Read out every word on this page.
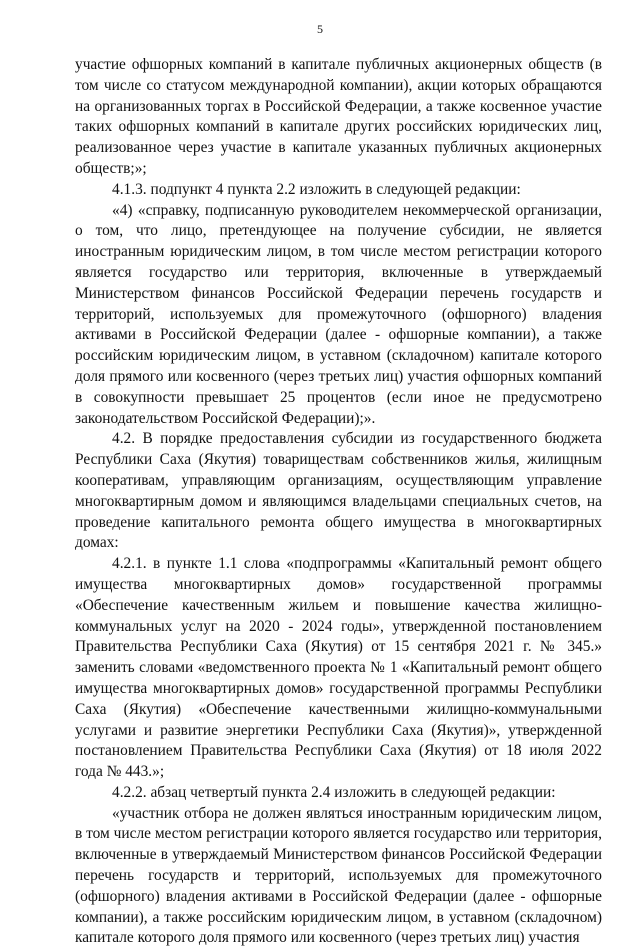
5

участие офшорных компаний в капитале публичных акционерных обществ (в том числе со статусом международной компании), акции которых обращаются на организованных торгах в Российской Федерации, а также косвенное участие таких офшорных компаний в капитале других российских юридических лиц, реализованное через участие в капитале указанных публичных акционерных обществ;»;

4.1.3. подпункт 4 пункта 2.2 изложить в следующей редакции:

«4) «справку, подписанную руководителем некоммерческой организации, о том, что лицо, претендующее на получение субсидии, не является иностранным юридическим лицом, в том числе местом регистрации которого является государство или территория, включенные в утверждаемый Министерством финансов Российской Федерации перечень государств и территорий, используемых для промежуточного (офшорного) владения активами в Российской Федерации (далее - офшорные компании), а также российским юридическим лицом, в уставном (складочном) капитале которого доля прямого или косвенного (через третьих лиц) участия офшорных компаний в совокупности превышает 25 процентов (если иное не предусмотрено законодательством Российской Федерации);».

4.2. В порядке предоставления субсидии из государственного бюджета Республики Саха (Якутия) товариществам собственников жилья, жилищным кооперативам, управляющим организациям, осуществляющим управление многоквартирным домом и являющимся владельцами специальных счетов, на проведение капитального ремонта общего имущества в многоквартирных домах:

4.2.1. в пункте 1.1 слова «подпрограммы «Капитальный ремонт общего имущества многоквартирных домов» государственной программы «Обеспечение качественным жильем и повышение качества жилищно-коммунальных услуг на 2020 - 2024 годы», утвержденной постановлением Правительства Республики Саха (Якутия) от 15 сентября 2021 г. № 345.» заменить словами «ведомственного проекта № 1 «Капитальный ремонт общего имущества многоквартирных домов» государственной программы Республики Саха (Якутия) «Обеспечение качественными жилищно-коммунальными услугами и развитие энергетики Республики Саха (Якутия)», утвержденной постановлением Правительства Республики Саха (Якутия) от 18 июля 2022 года № 443.»;

4.2.2. абзац четвертый пункта 2.4 изложить в следующей редакции:

«участник отбора не должен являться иностранным юридическим лицом, в том числе местом регистрации которого является государство или территория, включенные в утверждаемый Министерством финансов Российской Федерации перечень государств и территорий, используемых для промежуточного (офшорного) владения активами в Российской Федерации (далее - офшорные компании), а также российским юридическим лицом, в уставном (складочном) капитале которого доля прямого или косвенного (через третьих лиц) участия
